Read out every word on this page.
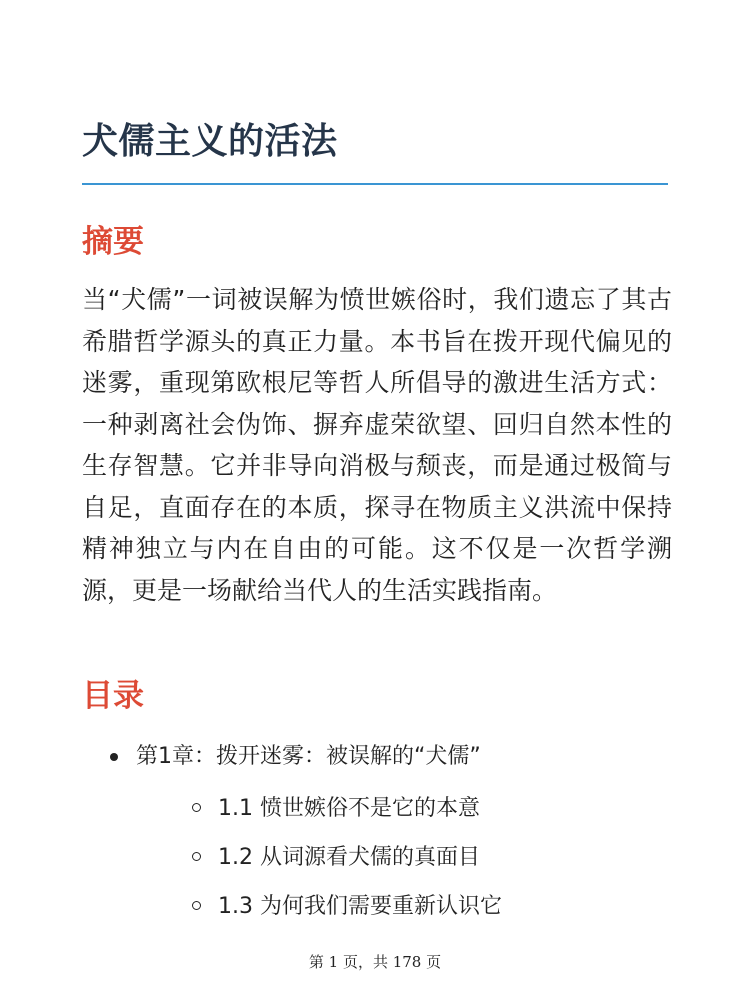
犬儒主义的活法
摘要

当“犬儒”一词被误解为愤世嫉俗时，我们遗忘了其古希腊哲学源头的真正力量。本书旨在拨开现代偏见的迷雾，重现第欧根尼等哲人所倡导的激进生活方式：一种剥离社会伪饰、摒弃虚荣欲望、回归自然本性的生存智慧。它并非导向消极与颓丧，而是通过极简与自足，直面存在的本质，探寻在物质主义洪流中保持精神独立与内在自由的可能。这不仅是一次哲学溯源，更是一场献给当代人的生活实践指南。

目录
第1章：拨开迷雾：被误解的“犬儒”
1.1 愤世嫉俗不是它的本意
1.2 从词源看犬儒的真面目
1.3 为何我们需要重新认识它
第 1 页，共 178 页
